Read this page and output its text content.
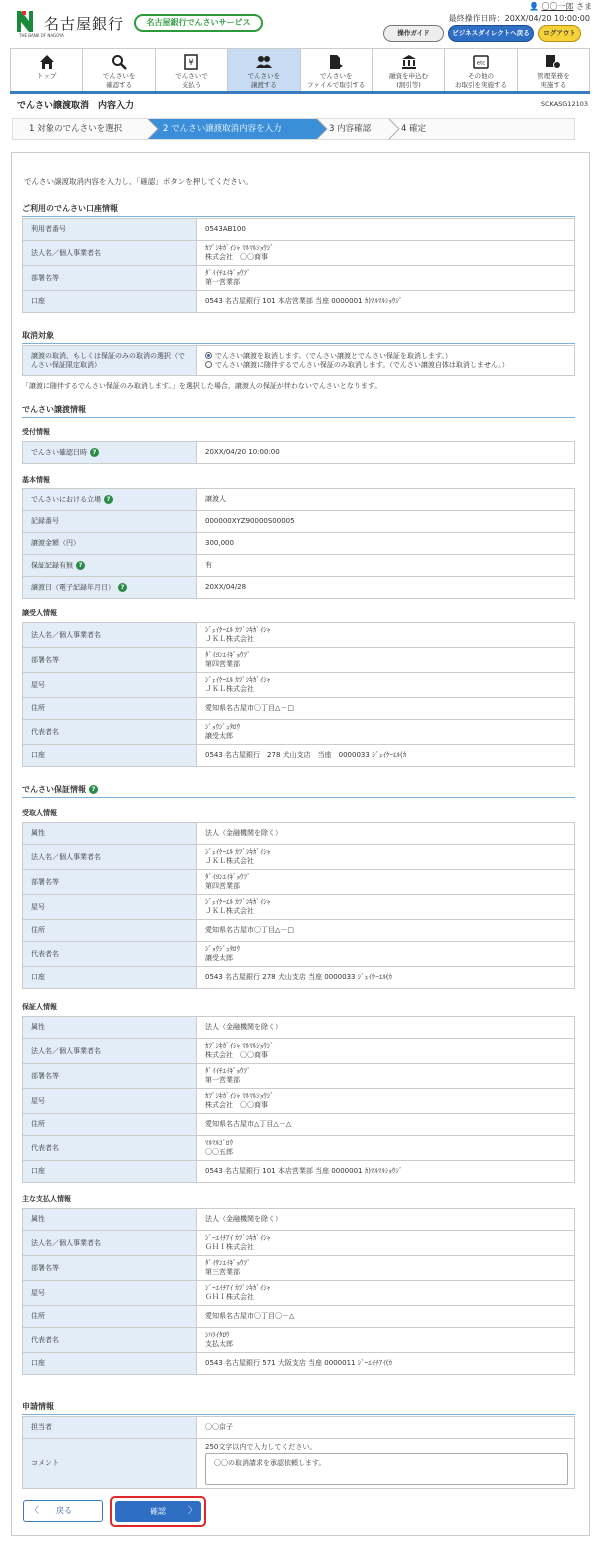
名古屋銀行
THE BANK OF NAGOYA
名古屋銀行でんさいサービス
👤 〇〇一郎 さま
最終操作日時：20XX/04/20 10:00:00
操作ガイド	ビジネスダイレクトへ戻る	ログアウト
トップ	でんさいを
確認する
¥
でんさいで
支払う
でんさいを
譲渡する
でんさいを
ファイルで取引する
融資を申込む
(割引等)
etc
その他の
お取引を実施する
管理業務を
実施する
でんさい譲渡取消　内容入力	SCKASG12103
1 対象のでんさいを選択	2 でんさい譲渡取消内容を入力	3 内容確認	4 確定
でんさい譲渡取消内容を入力し、「確認」ボタンを押してください。
ご利用のでんさい口座情報
利用者番号	0543AB100
法人名／個人事業者名	ｶﾌﾞｼｷｶﾞｲｼｬ ﾏﾙﾏﾙｼｮｳｼﾞ
株式会社　〇〇商事
部署名等	ﾀﾞｲｲﾁｴｲｷﾞｮｳﾌﾞ
第一営業部
口座	0543 名古屋銀行 101 本店営業部 当座 0000001 ｶ)ﾏﾙﾏﾙｼｮｳｼﾞ
取消対象
譲渡の取消、もしくは保証のみの取消の選択（でんさい保証限定取消）	
でんさい譲渡を取消します。（でんさい譲渡とでんさい保証を取消します。）
でんさい譲渡に随伴するでんさい保証のみ取消します。（でんさい譲渡自体は取消しません。）
「譲渡に随伴するでんさい保証のみ取消します。」を選択した場合、譲渡人の保証が伴わないでんさいとなります。
でんさい譲渡情報
受付情報
でんさい確認日時 ?	20XX/04/20 10:00:00
基本情報
でんさいにおける立場 ?	譲渡人
記録番号	000000XYZ90000S00005
譲渡金額（円）	300,000
保証記録有無 ?	有
譲渡日（電子記録年月日） ?	20XX/04/28
譲受人情報
法人名／個人事業者名	ｼﾞｪｲｹｰｴﾙ ｶﾌﾞｼｷｶﾞｲｼｬ
ＪＫＬ株式会社
部署名等	ﾀﾞｲﾖﾝｴｲｷﾞｮｳﾌﾞ
第四営業部
屋号	ｼﾞｪｲｹｰｴﾙ ｶﾌﾞｼｷｶﾞｲｼｬ
ＪＫＬ株式会社
住所	愛知県名古屋市〇丁目△－□
代表者名	ｼﾞｮｳｼﾞｭﾀﾛｳ
譲受太郎
口座	0543 名古屋銀行　278 犬山支店　当座　0000033 ｼﾞｪｲｹｰｴﾙ(ｶ
でんさい保証情報 ?
受取人情報
属性	法人（金融機関を除く）
法人名／個人事業者名	ｼﾞｪｲｹｰｴﾙ ｶﾌﾞｼｷｶﾞｲｼｬ
ＪＫＬ株式会社
部署名等	ﾀﾞｲﾖﾝｴｲｷﾞｮｳﾌﾞ
第四営業部
屋号	ｼﾞｪｲｹｰｴﾙ ｶﾌﾞｼｷｶﾞｲｼｬ
ＪＫＬ株式会社
住所	愛知県名古屋市〇丁目△－□
代表者名	ｼﾞｮｳｼﾞｭﾀﾛｳ
譲受太郎
口座	0543 名古屋銀行 278 犬山支店 当座 0000033 ｼﾞｪｲｹｰｴﾙ(ｶ
保証人情報
属性	法人（金融機関を除く）
法人名／個人事業者名	ｶﾌﾞｼｷｶﾞｲｼｬ ﾏﾙﾏﾙｼｮｳｼﾞ
株式会社　〇〇商事
部署名等	ﾀﾞｲｲﾁｴｲｷﾞｮｳﾌﾞ
第一営業部
屋号	ｶﾌﾞｼｷｶﾞｲｼｬ ﾏﾙﾏﾙｼｮｳｼﾞ
株式会社　〇〇商事
住所	愛知県名古屋市△丁目△－△
代表者名	ﾏﾙﾏﾙｺﾞﾛｳ
〇〇五郎
口座	0543 名古屋銀行 101 本店営業部 当座 0000001 ｶ)ﾏﾙﾏﾙｼｮｳｼﾞ
主な支払人情報
属性	法人（金融機関を除く）
法人名／個人事業者名	ｼﾞｰｴｲﾁｱｲ ｶﾌﾞｼｷｶﾞｲｼｬ
ＧＨＩ株式会社
部署名等	ﾀﾞｲｻﾝｴｲｷﾞｮｳﾌﾞ
第三営業部
屋号	ｼﾞｰｴｲﾁｱｲ ｶﾌﾞｼｷｶﾞｲｼｬ
ＧＨＩ株式会社
住所	愛知県名古屋市〇丁目〇－△
代表者名	ｼﾊﾗｲﾀﾛｳ
支払太郎
口座	0543 名古屋銀行 571 大阪支店 当座 0000011 ｼﾞｰｴｲﾁｱｲ(ｶ
申請情報
担当者	〇〇京子
コメント	250文字以内で入力してください。
〇〇の取消請求を承認依頼します。
〈 戻る	確認 〉
